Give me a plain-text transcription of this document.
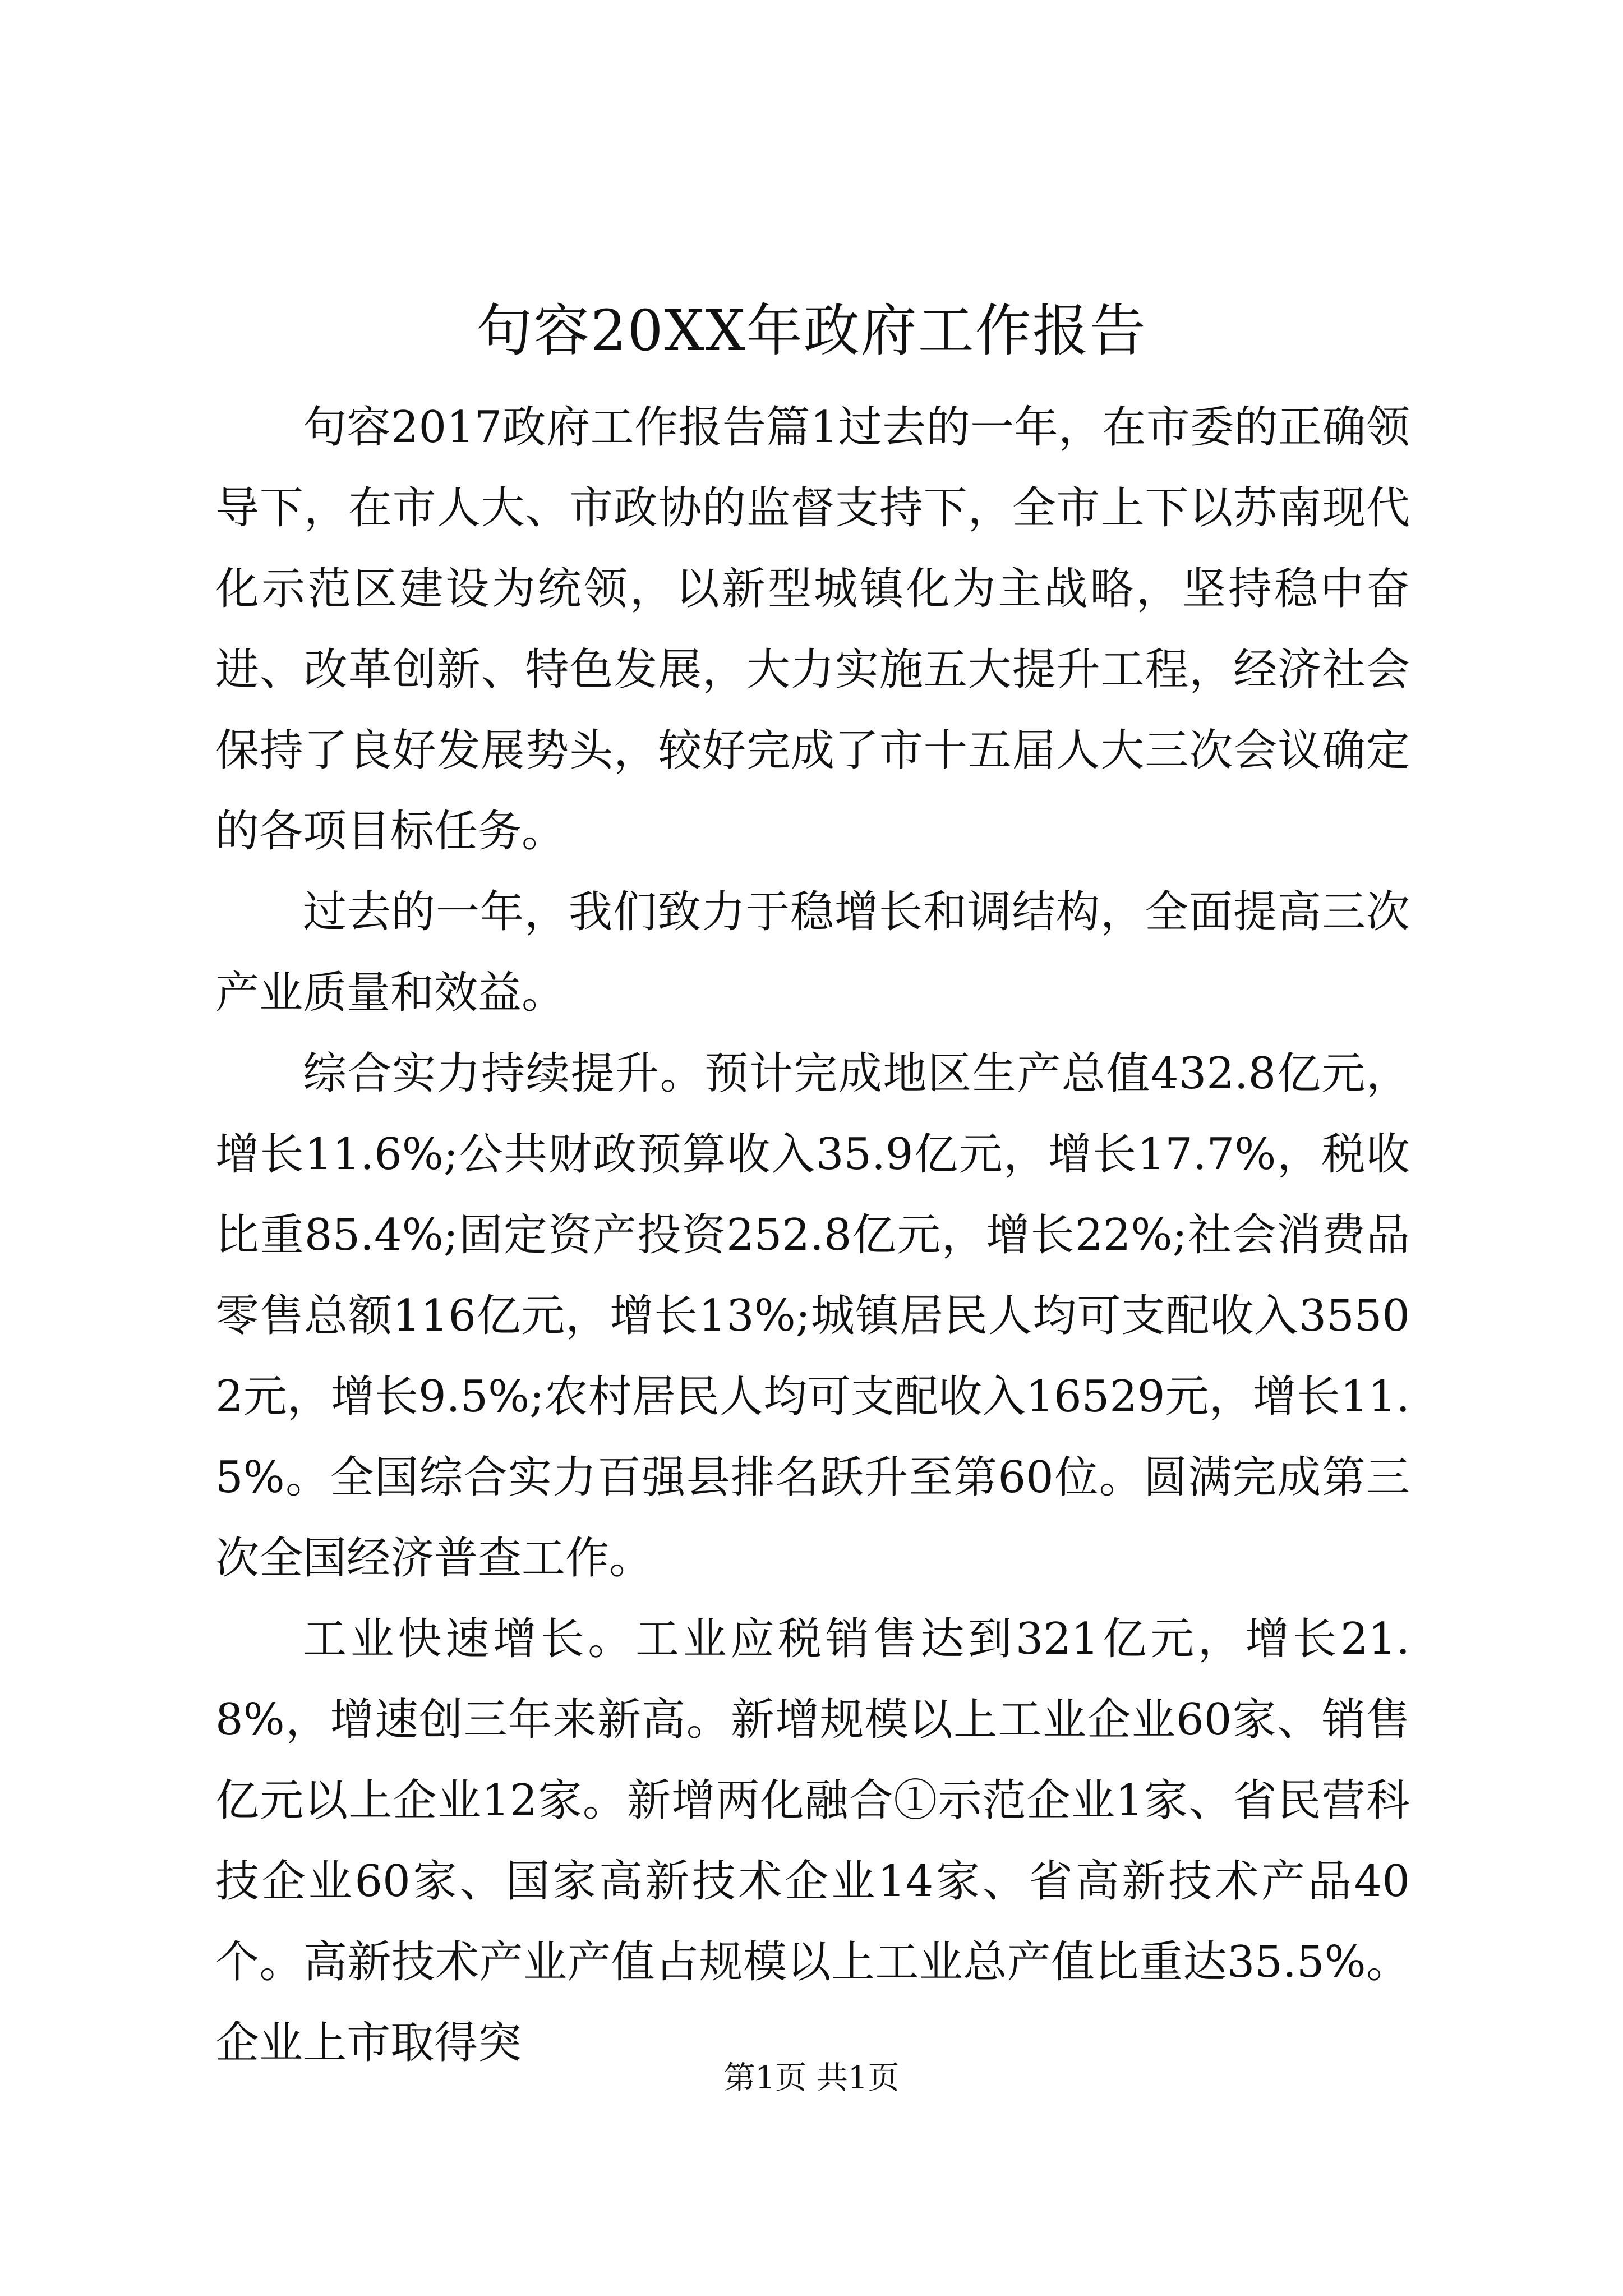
句容20XX年政府工作报告

句容2017政府工作报告篇1过去的一年，在市委的正确领导下，在市人大、市政协的监督支持下，全市上下以苏南现代化示范区建设为统领，以新型城镇化为主战略，坚持稳中奋进、改革创新、特色发展，大力实施五大提升工程，经济社会保持了良好发展势头，较好完成了市十五届人大三次会议确定的各项目标任务。

过去的一年，我们致力于稳增长和调结构，全面提高三次产业质量和效益。

综合实力持续提升。预计完成地区生产总值432.8亿元，增长11.6%;公共财政预算收入35.9亿元，增长17.7%，税收比重85.4%;固定资产投资252.8亿元，增长22%;社会消费品零售总额116亿元，增长13%;城镇居民人均可支配收入35502元，增长9.5%;农村居民人均可支配收入16529元，增长11.5%。全国综合实力百强县排名跃升至第60位。圆满完成第三次全国经济普查工作。

工业快速增长。工业应税销售达到321亿元，增长21.8%，增速创三年来新高。新增规模以上工业企业60家、销售亿元以上企业12家。新增两化融合①示范企业1家、省民营科技企业60家、国家高新技术企业14家、省高新技术产品40个。高新技术产业产值占规模以上工业总产值比重达35.5%。企业上市取得突

第1页 共1页
